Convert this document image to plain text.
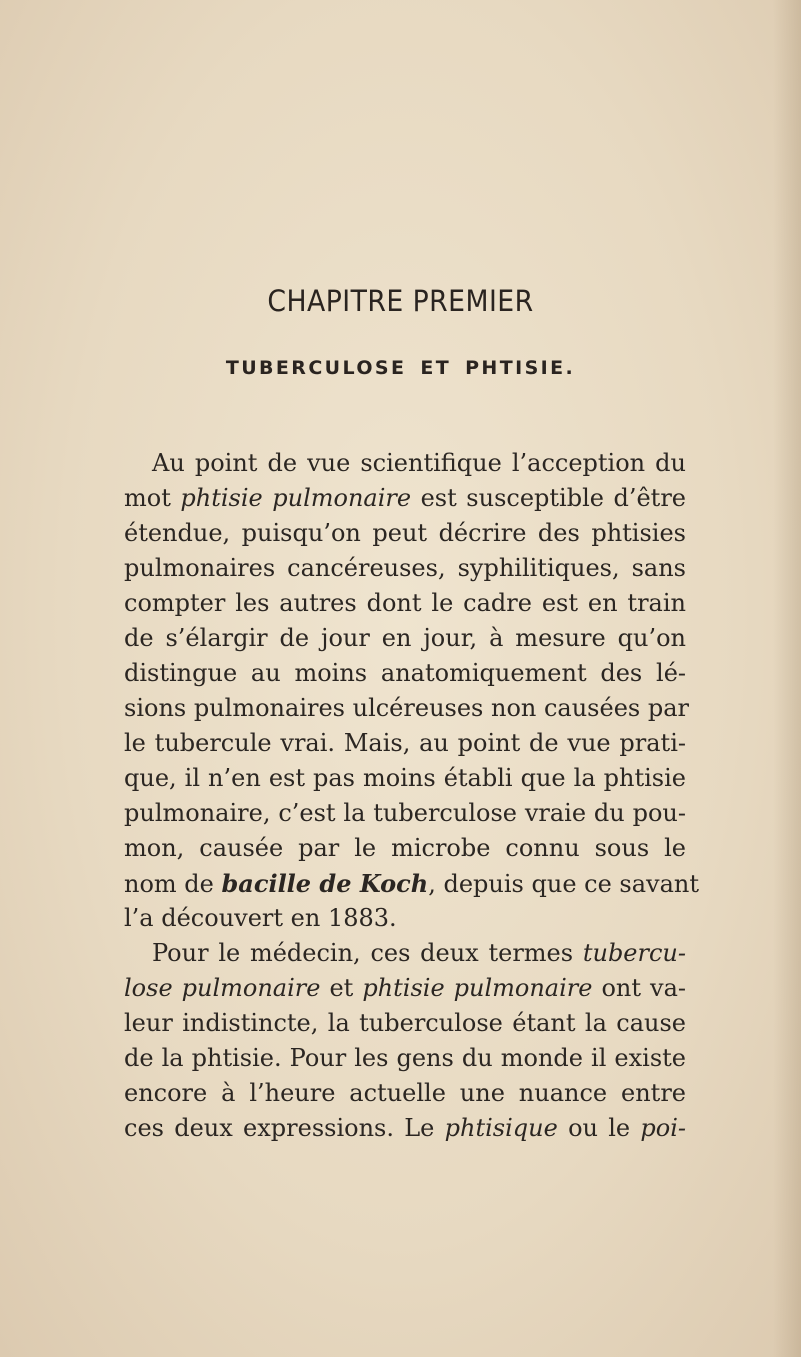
CHAPITRE PREMIER
TUBERCULOSE ET PHTISIE.
Au point de vue scientifique l’acception du
mot phtisie pulmonaire est susceptible d’être
étendue, puisqu’on peut décrire des phtisies
pulmonaires cancéreuses, syphilitiques, sans
compter les autres dont le cadre est en train
de s’élargir de jour en jour, à mesure qu’on
distingue au moins anatomiquement des lé-
sions pulmonaires ulcéreuses non causées par
le tubercule vrai. Mais, au point de vue prati-
que, il n’en est pas moins établi que la phtisie
pulmonaire, c’est la tuberculose vraie du pou-
mon, causée par le microbe connu sous le
nom de bacille de Koch, depuis que ce savant
l’a découvert en 1883.
Pour le médecin, ces deux termes tubercu-
lose pulmonaire et phtisie pulmonaire ont va-
leur indistincte, la tuberculose étant la cause
de la phtisie. Pour les gens du monde il existe
encore à l’heure actuelle une nuance entre
ces deux expressions. Le phtisique ou le poi-
